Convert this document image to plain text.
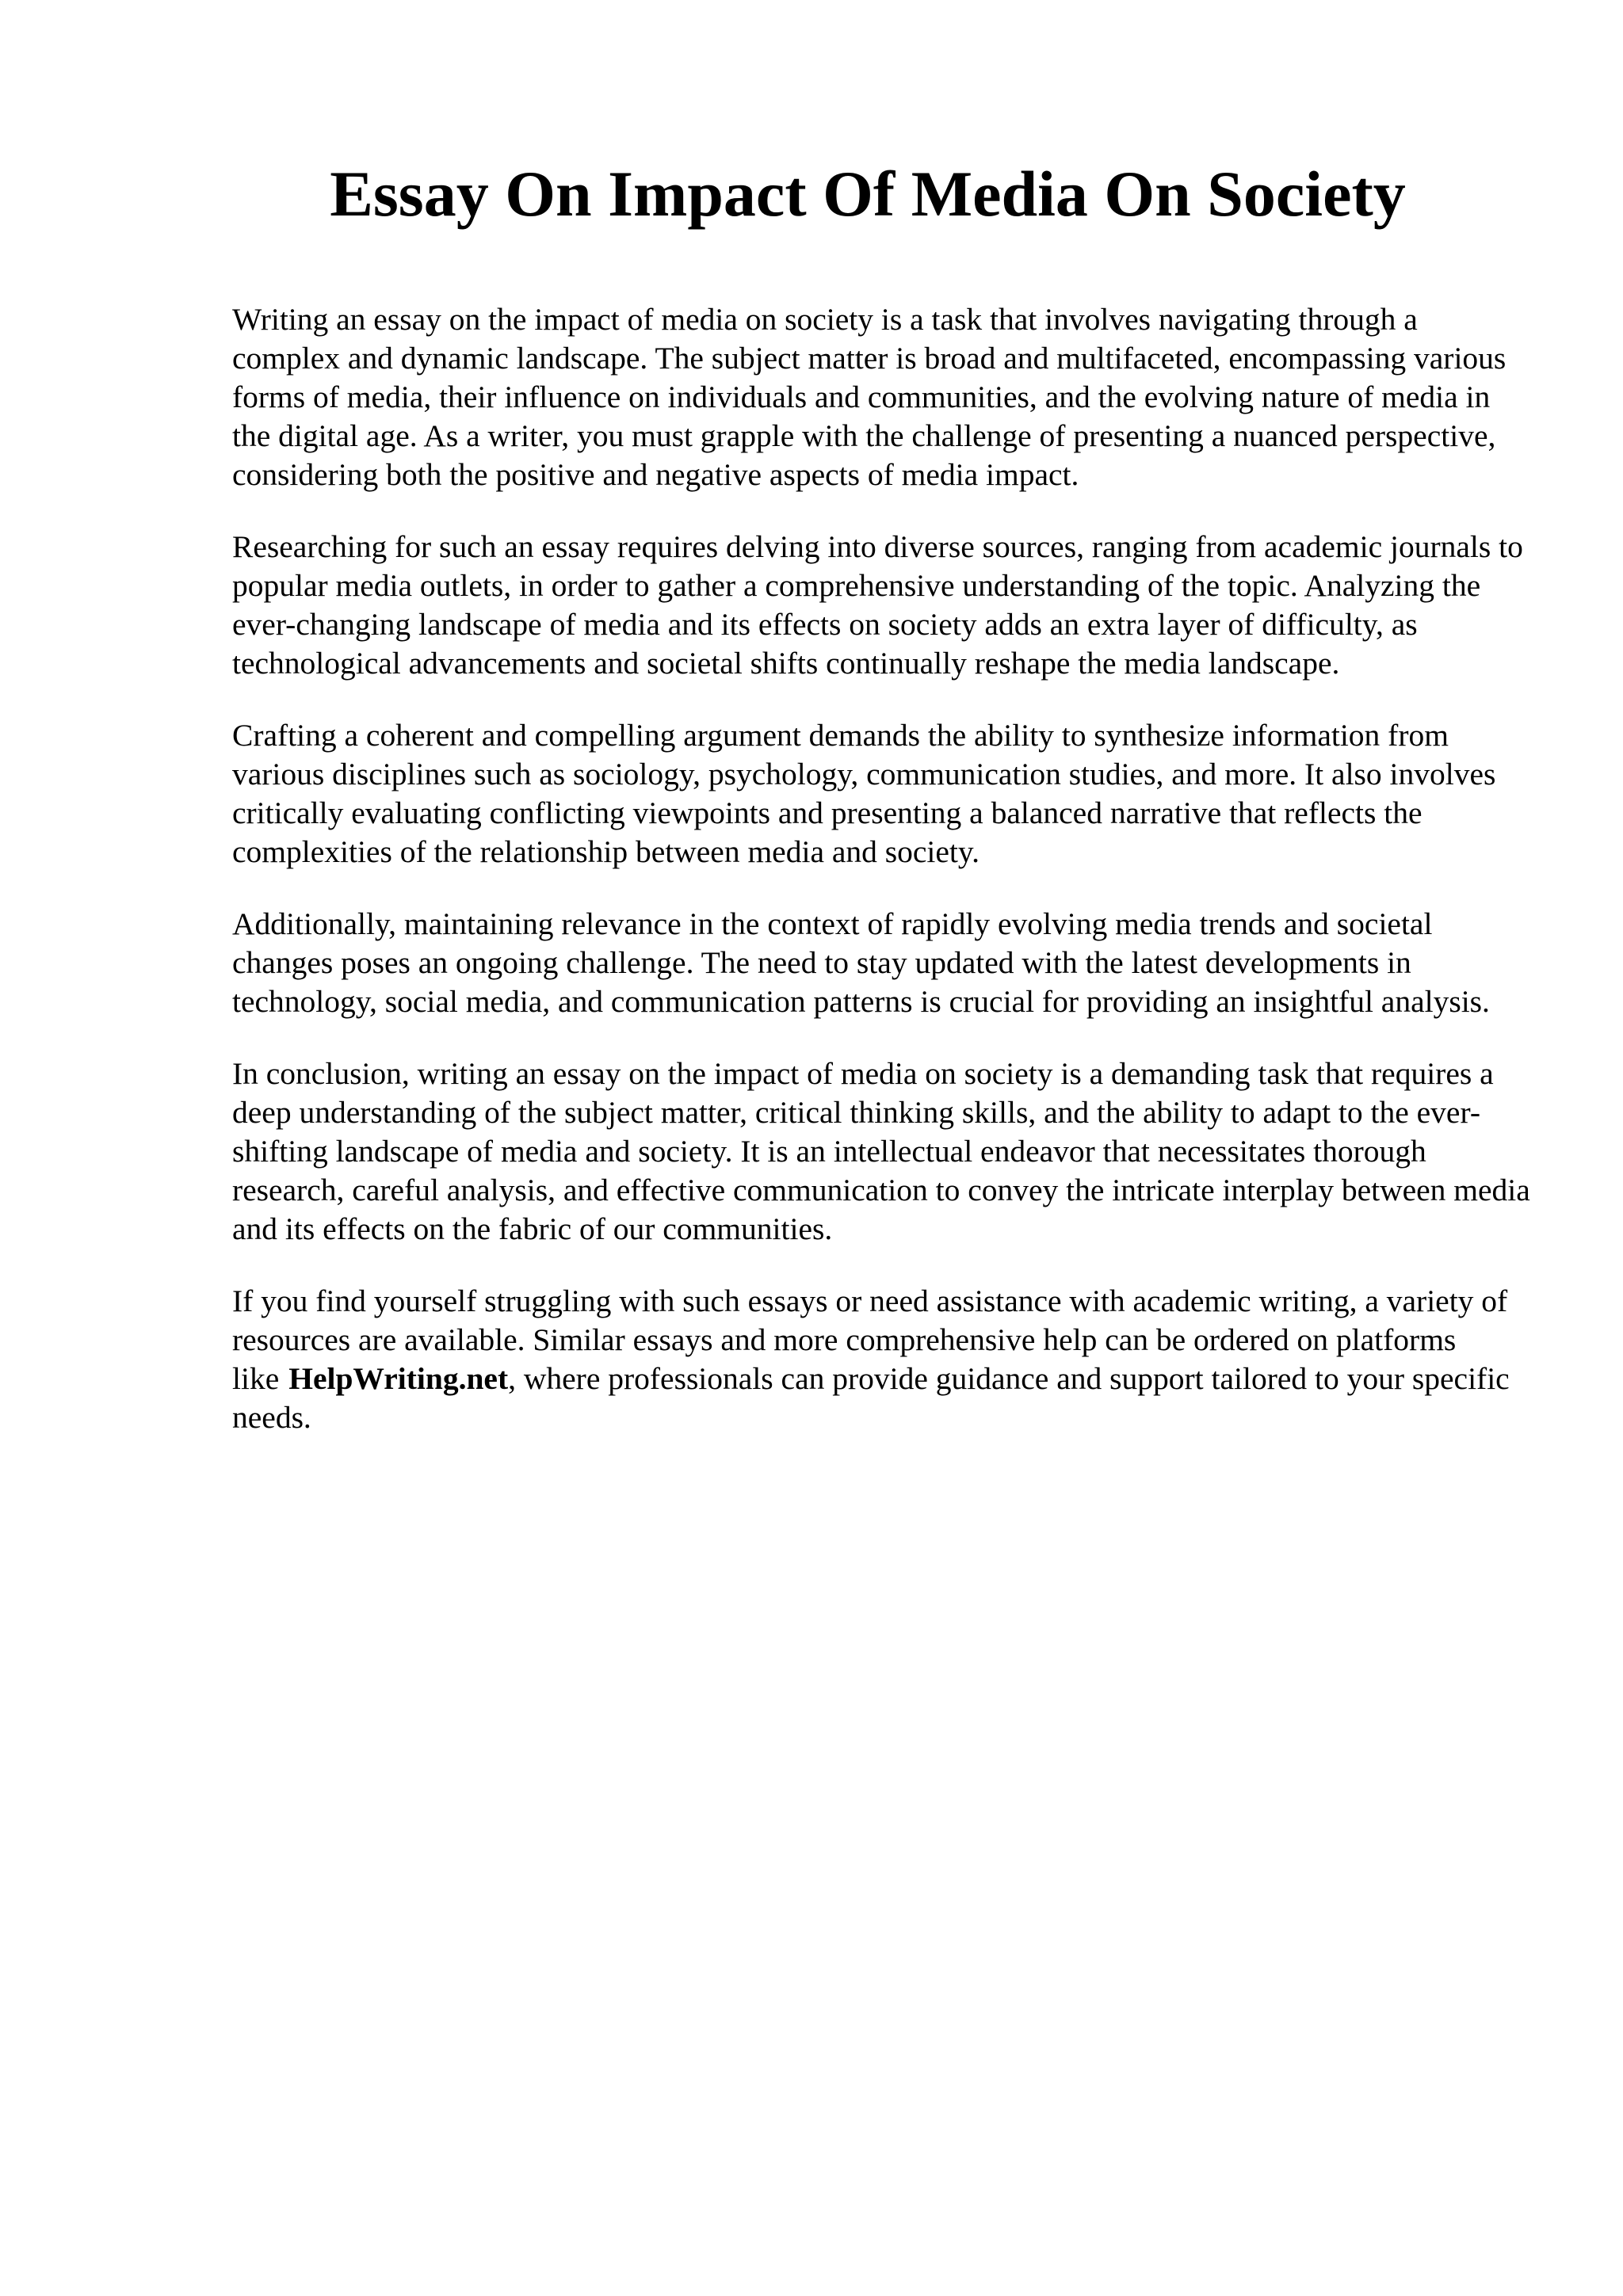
Essay On Impact Of Media On Society

Writing an essay on the impact of media on society is a task that involves navigating through a complex and dynamic landscape. The subject matter is broad and multifaceted, encompassing various forms of media, their influence on individuals and communities, and the evolving nature of media in the digital age. As a writer, you must grapple with the challenge of presenting a nuanced perspective, considering both the positive and negative aspects of media impact.

Researching for such an essay requires delving into diverse sources, ranging from academic journals to popular media outlets, in order to gather a comprehensive understanding of the topic. Analyzing the ever-changing landscape of media and its effects on society adds an extra layer of difficulty, as technological advancements and societal shifts continually reshape the media landscape.

Crafting a coherent and compelling argument demands the ability to synthesize information from various disciplines such as sociology, psychology, communication studies, and more. It also involves critically evaluating conflicting viewpoints and presenting a balanced narrative that reflects the complexities of the relationship between media and society.

Additionally, maintaining relevance in the context of rapidly evolving media trends and societal changes poses an ongoing challenge. The need to stay updated with the latest developments in technology, social media, and communication patterns is crucial for providing an insightful analysis.

In conclusion, writing an essay on the impact of media on society is a demanding task that requires a deep understanding of the subject matter, critical thinking skills, and the ability to adapt to the ever-shifting landscape of media and society. It is an intellectual endeavor that necessitates thorough research, careful analysis, and effective communication to convey the intricate interplay between media and its effects on the fabric of our communities.

If you find yourself struggling with such essays or need assistance with academic writing, a variety of resources are available. Similar essays and more comprehensive help can be ordered on platforms like HelpWriting.net, where professionals can provide guidance and support tailored to your specific needs.
